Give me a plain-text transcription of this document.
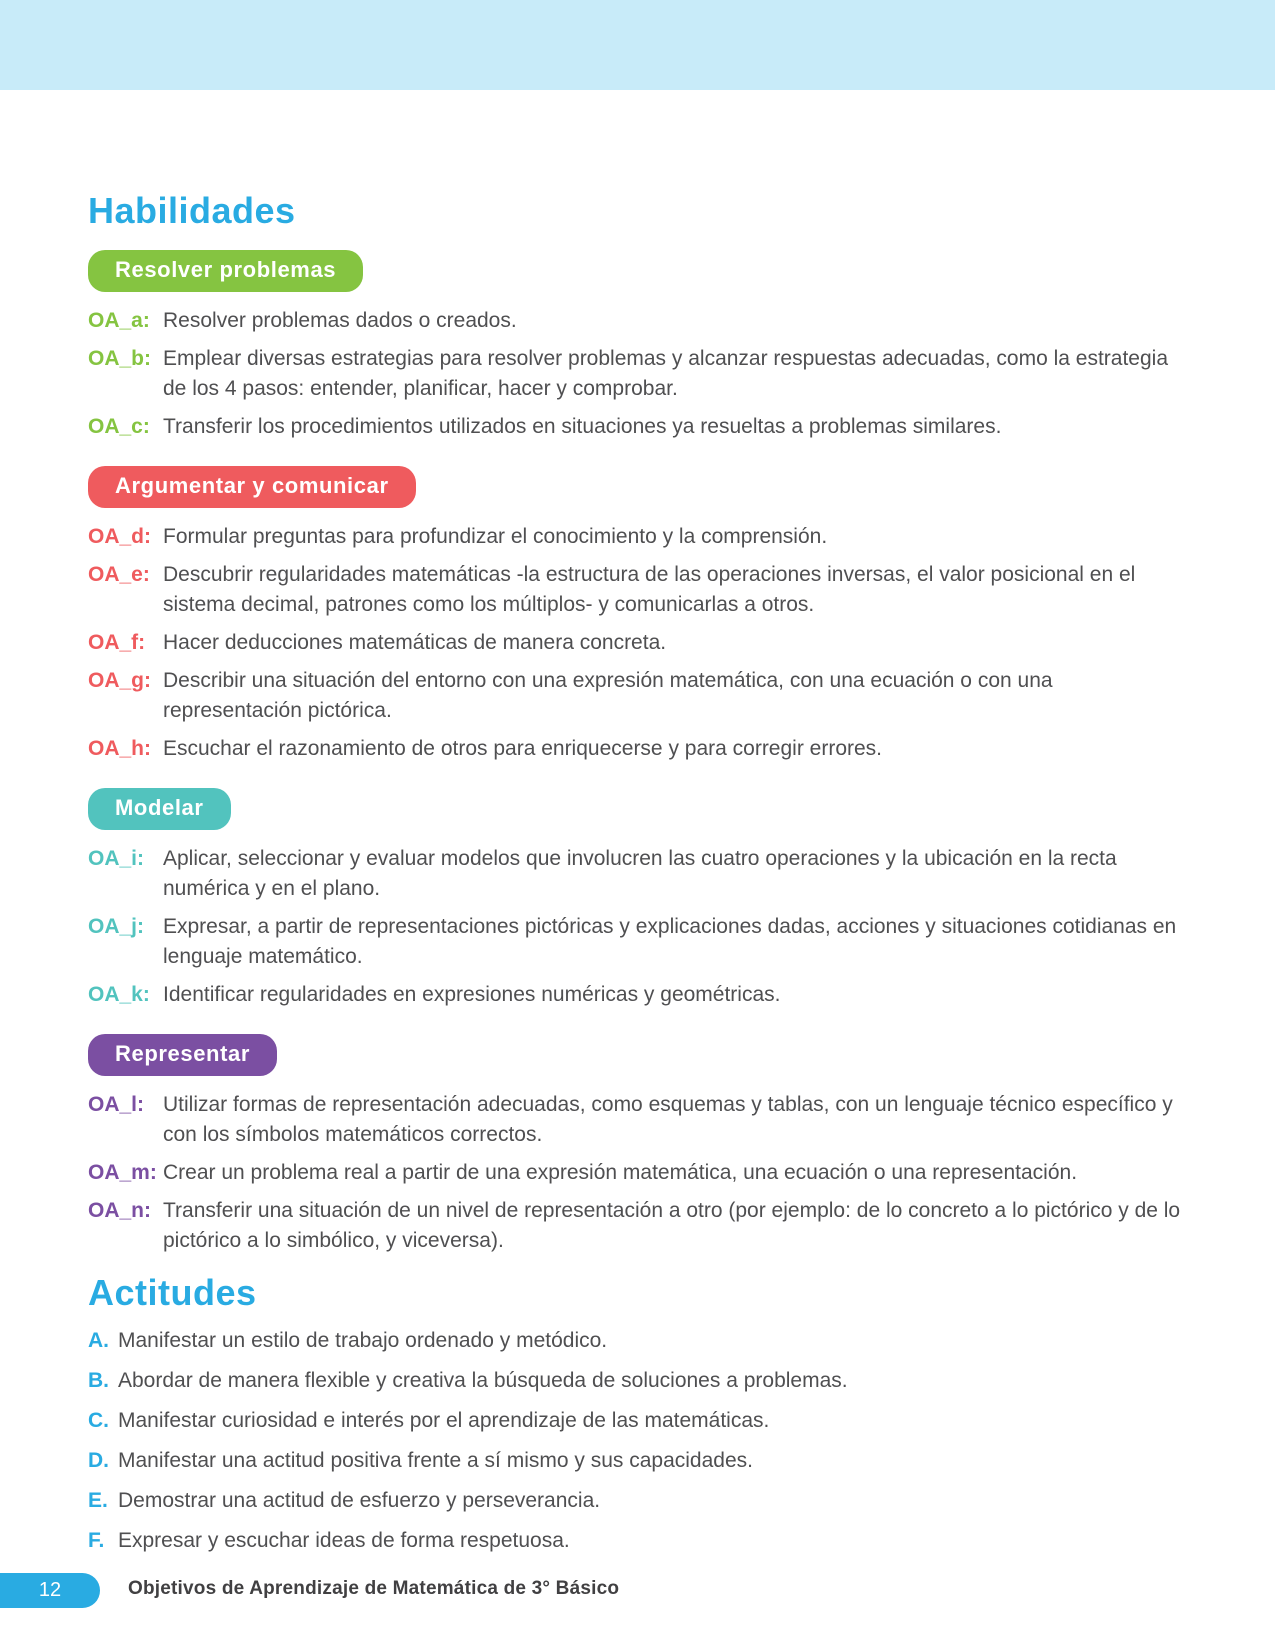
Habilidades
Resolver problemas
OA_a: Resolver problemas dados o creados.
OA_b: Emplear diversas estrategias para resolver problemas y alcanzar respuestas adecuadas, como la estrategia de los 4 pasos: entender, planificar, hacer y comprobar.
OA_c: Transferir los procedimientos utilizados en situaciones ya resueltas a problemas similares.
Argumentar y comunicar
OA_d: Formular preguntas para profundizar el conocimiento y la comprensión.
OA_e: Descubrir regularidades matemáticas -la estructura de las operaciones inversas, el valor posicional en el sistema decimal, patrones como los múltiplos- y comunicarlas a otros.
OA_f: Hacer deducciones matemáticas de manera concreta.
OA_g: Describir una situación del entorno con una expresión matemática, con una ecuación o con una representación pictórica.
OA_h: Escuchar el razonamiento de otros para enriquecerse y para corregir errores.
Modelar
OA_i: Aplicar, seleccionar y evaluar modelos que involucren las cuatro operaciones y la ubicación en la recta numérica y en el plano.
OA_j: Expresar, a partir de representaciones pictóricas y explicaciones dadas, acciones y situaciones cotidianas en lenguaje matemático.
OA_k: Identificar regularidades en expresiones numéricas y geométricas.
Representar
OA_l: Utilizar formas de representación adecuadas, como esquemas y tablas, con un lenguaje técnico específico y con los símbolos matemáticos correctos.
OA_m: Crear un problema real a partir de una expresión matemática, una ecuación o una representación.
OA_n: Transferir una situación de un nivel de representación a otro (por ejemplo: de lo concreto a lo pictórico y de lo pictórico a lo simbólico, y viceversa).
Actitudes
A. Manifestar un estilo de trabajo ordenado y metódico.
B. Abordar de manera flexible y creativa la búsqueda de soluciones a problemas.
C. Manifestar curiosidad e interés por el aprendizaje de las matemáticas.
D. Manifestar una actitud positiva frente a sí mismo y sus capacidades.
E. Demostrar una actitud de esfuerzo y perseverancia.
F. Expresar y escuchar ideas de forma respetuosa.
12	Objetivos de Aprendizaje de Matemática de 3° Básico
